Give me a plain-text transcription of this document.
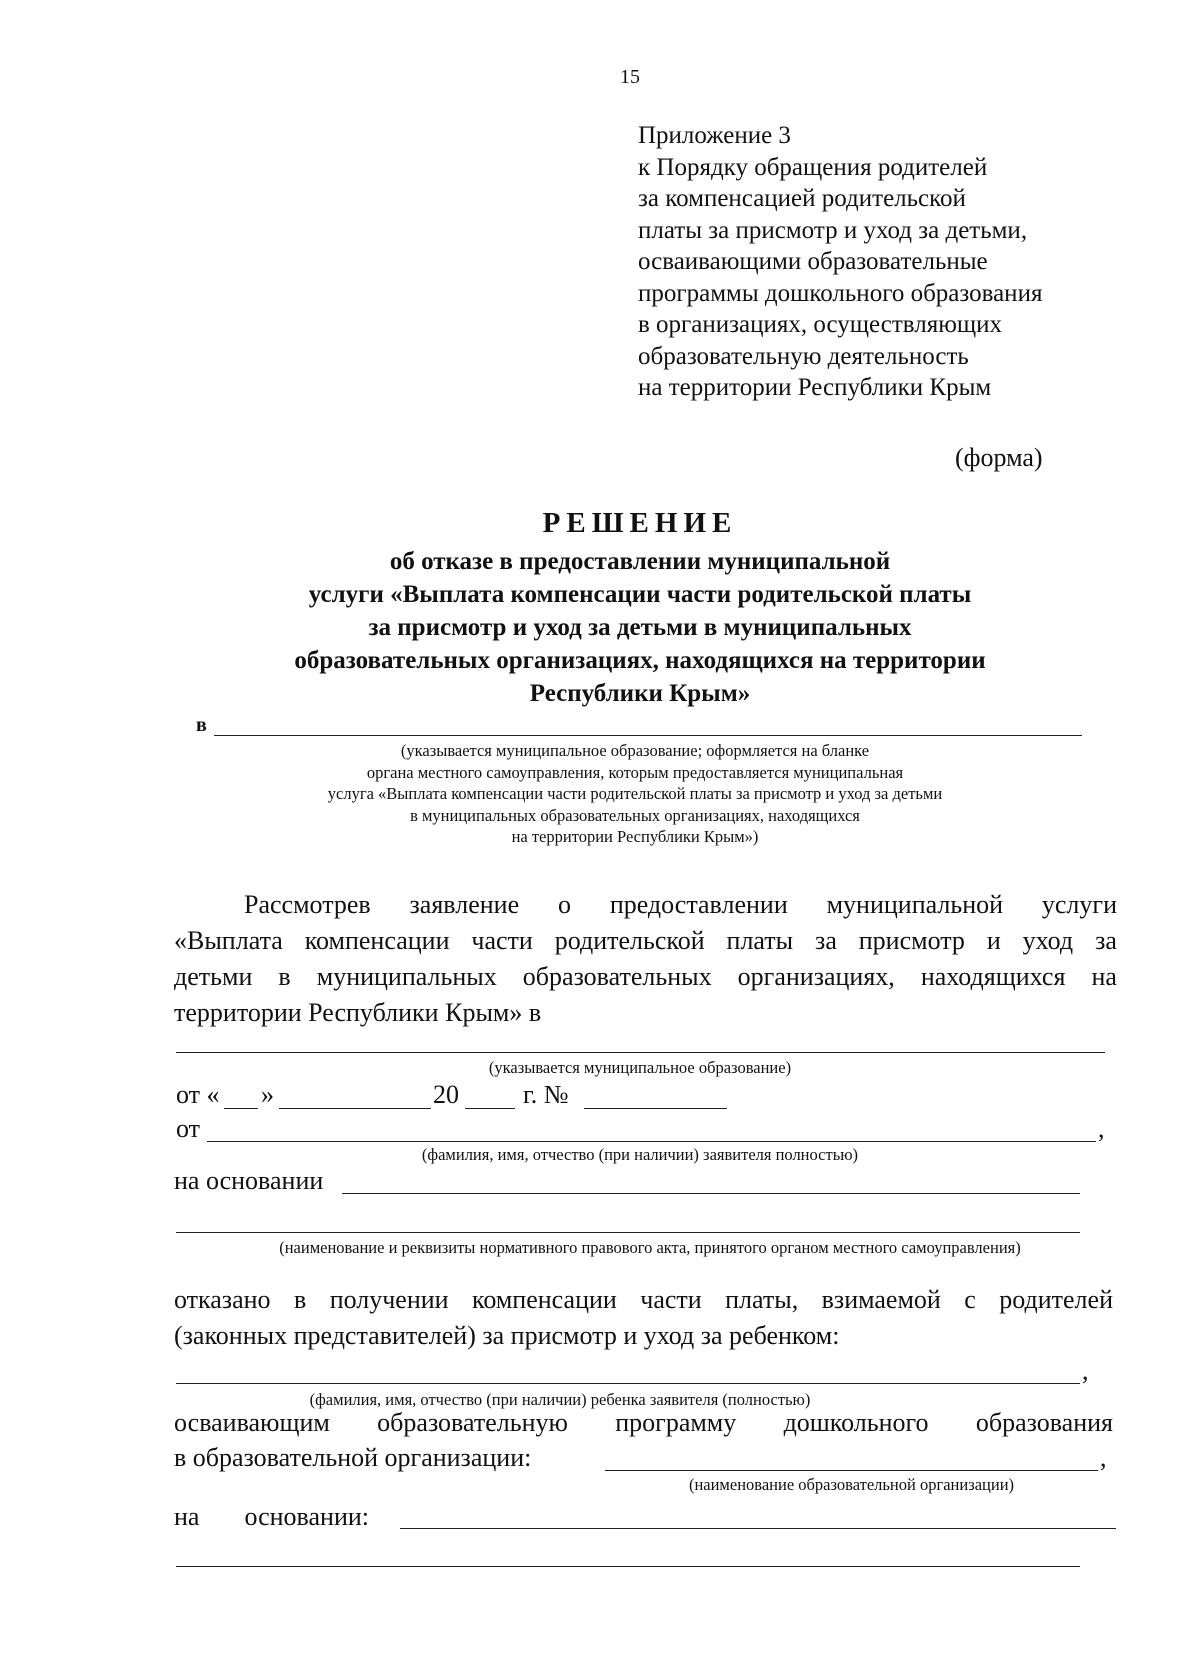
15
Приложение 3
к Порядку обращения родителей
за компенсацией родительской
платы за присмотр и уход за детьми,
осваивающими образовательные
программы дошкольного образования
в организациях, осуществляющих
образовательную деятельность
на территории Республики Крым
(форма)
РЕШЕНИЕ
об отказе в предоставлении муниципальной
услуги «Выплата компенсации части родительской платы
за присмотр и уход за детьми в муниципальных
образовательных организациях, находящихся на территории
Республики Крым»
в
(указывается муниципальное образование; оформляется на бланке
органа местного самоуправления, которым предоставляется муниципальная
услуга «Выплата компенсации части родительской платы за присмотр и уход за детьми
в муниципальных образовательных организациях, находящихся
на территории Республики Крым»)
Рассмотрев заявление о предоставлении муниципальной услуги
«Выплата компенсации части родительской платы за присмотр и уход за
детьми в муниципальных образовательных организациях, находящихся на
территории Республики Крым» в
(указывается муниципальное образование)
от « »	20 г. №
от	,
(фамилия, имя, отчество (при наличии) заявителя полностью)
на основании
(наименование и реквизиты нормативного правового акта, принятого органом местного самоуправления)
отказано в получении компенсации части платы, взимаемой с родителей
(законных представителей) за присмотр и уход за ребенком:
,
(фамилия, имя, отчество (при наличии) ребенка заявителя (полностью)
осваивающим образовательную программу дошкольного образования
в образовательной организации:	,
(наименование образовательной организации)
на основании:
